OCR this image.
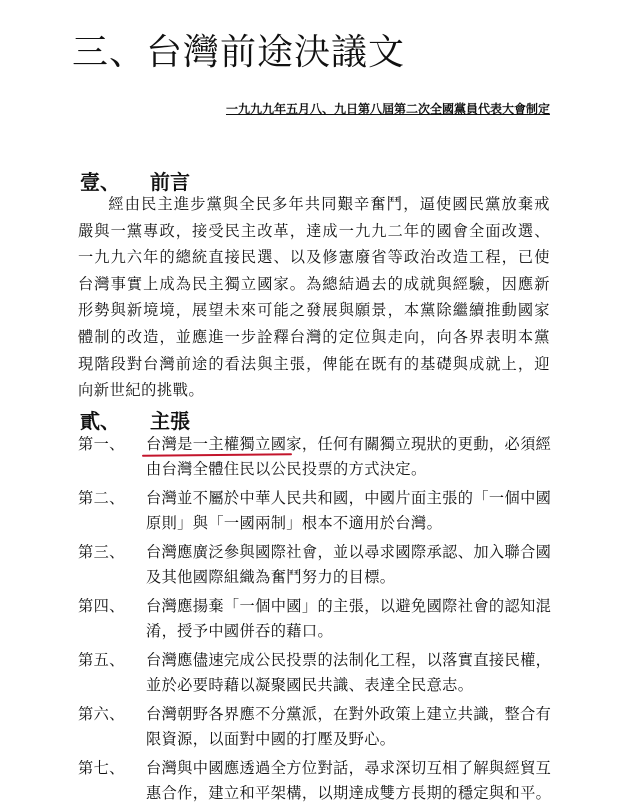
三、台灣前途決議文
一九九九年五月八、九日第八屆第二次全國黨員代表大會制定
壹、 前言
經由民主進步黨與全民多年共同艱辛奮鬥，逼使國民黨放棄戒嚴與一黨專政，接受民主改革，達成一九九二年的國會全面改選、一九九六年的總統直接民選、以及修憲廢省等政治改造工程，已使台灣事實上成為民主獨立國家。為總結過去的成就與經驗，因應新形勢與新境境，展望未來可能之發展與願景，本黨除繼續推動國家體制的改造，並應進一步詮釋台灣的定位與走向，向各界表明本黨現階段對台灣前途的看法與主張，俾能在既有的基礎與成就上，迎向新世紀的挑戰。
貳、 主張
第一、	台灣是一主權獨立國家，任何有關獨立現狀的更動，必須經由台灣全體住民以公民投票的方式決定。
第二、	台灣並不屬於中華人民共和國，中國片面主張的「一個中國原則」與「一國兩制」根本不適用於台灣。
第三、	台灣應廣泛參與國際社會，並以尋求國際承認、加入聯合國及其他國際組織為奮鬥努力的目標。
第四、	台灣應揚棄「一個中國」的主張，以避免國際社會的認知混淆，授予中國併吞的藉口。
第五、	台灣應儘速完成公民投票的法制化工程，以落實直接民權，並於必要時藉以凝聚國民共識、表達全民意志。
第六、	台灣朝野各界應不分黨派，在對外政策上建立共識，整合有限資源，以面對中國的打壓及野心。
第七、	台灣與中國應透過全方位對話，尋求深切互相了解與經貿互惠合作，建立和平架構，以期達成雙方長期的穩定與和平。
